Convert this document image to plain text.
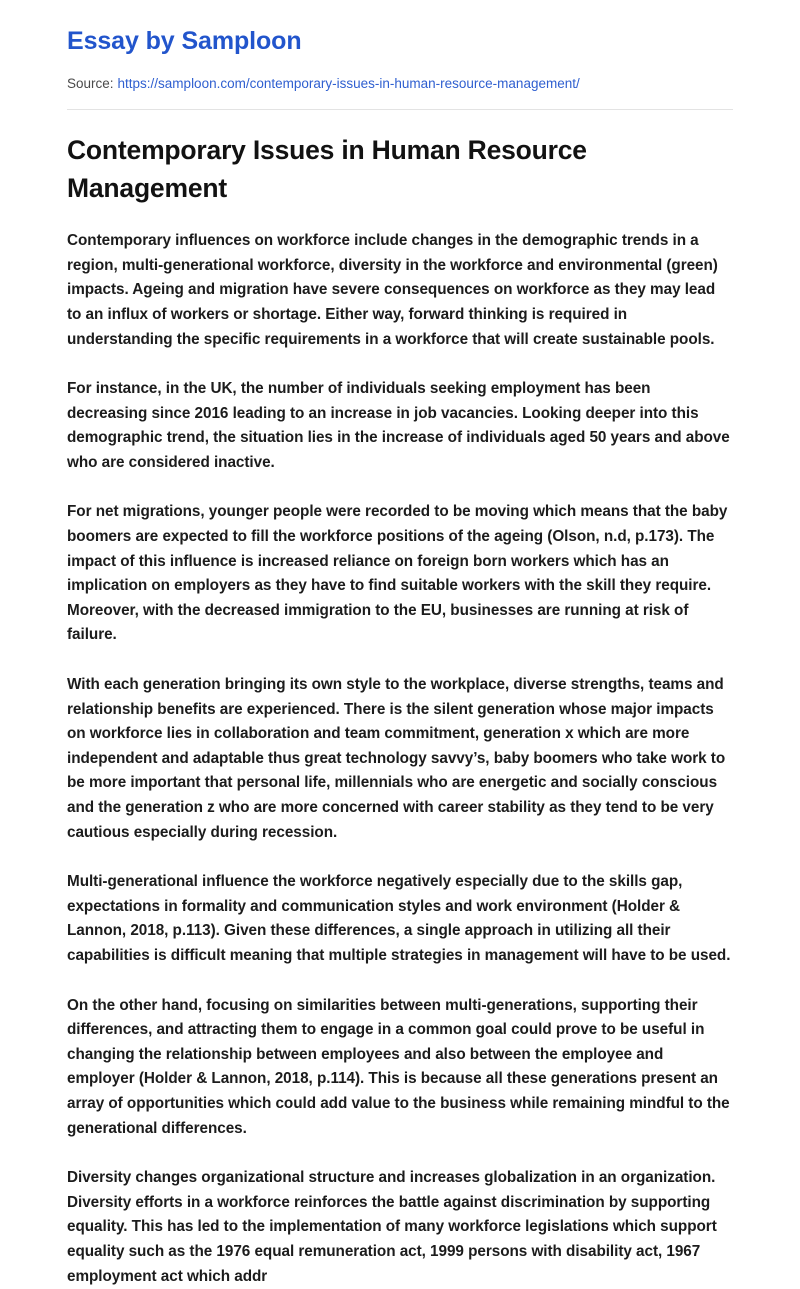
Essay by Samploon
Source: https://samploon.com/contemporary-issues-in-human-resource-management/
Contemporary Issues in Human Resource Management

Contemporary influences on workforce include changes in the demographic trends in a region, multi-generational workforce, diversity in the workforce and environmental (green) impacts. Ageing and migration have severe consequences on workforce as they may lead to an influx of workers or shortage. Either way, forward thinking is required in understanding the specific requirements in a workforce that will create sustainable pools.

For instance, in the UK, the number of individuals seeking employment has been decreasing since 2016 leading to an increase in job vacancies. Looking deeper into this demographic trend, the situation lies in the increase of individuals aged 50 years and above who are considered inactive.

For net migrations, younger people were recorded to be moving which means that the baby boomers are expected to fill the workforce positions of the ageing (Olson, n.d, p.173). The impact of this influence is increased reliance on foreign born workers which has an implication on employers as they have to find suitable workers with the skill they require. Moreover, with the decreased immigration to the EU, businesses are running at risk of failure.

With each generation bringing its own style to the workplace, diverse strengths, teams and relationship benefits are experienced. There is the silent generation whose major impacts on workforce lies in collaboration and team commitment, generation x which are more independent and adaptable thus great technology savvy’s, baby boomers who take work to be more important that personal life, millennials who are energetic and socially conscious and the generation z who are more concerned with career stability as they tend to be very cautious especially during recession.

Multi-generational influence the workforce negatively especially due to the skills gap, expectations in formality and communication styles and work environment (Holder & Lannon, 2018, p.113). Given these differences, a single approach in utilizing all their capabilities is difficult meaning that multiple strategies in management will have to be used.

On the other hand, focusing on similarities between multi-generations, supporting their differences, and attracting them to engage in a common goal could prove to be useful in changing the relationship between employees and also between the employee and employer (Holder & Lannon, 2018, p.114). This is because all these generations present an array of opportunities which could add value to the business while remaining mindful to the generational differences.

Diversity changes organizational structure and increases globalization in an organization. Diversity efforts in a workforce reinforces the battle against discrimination by supporting equality. This has led to the implementation of many workforce legislations which support equality such as the 1976 equal remuneration act, 1999 persons with disability act, 1967 employment act which addr
